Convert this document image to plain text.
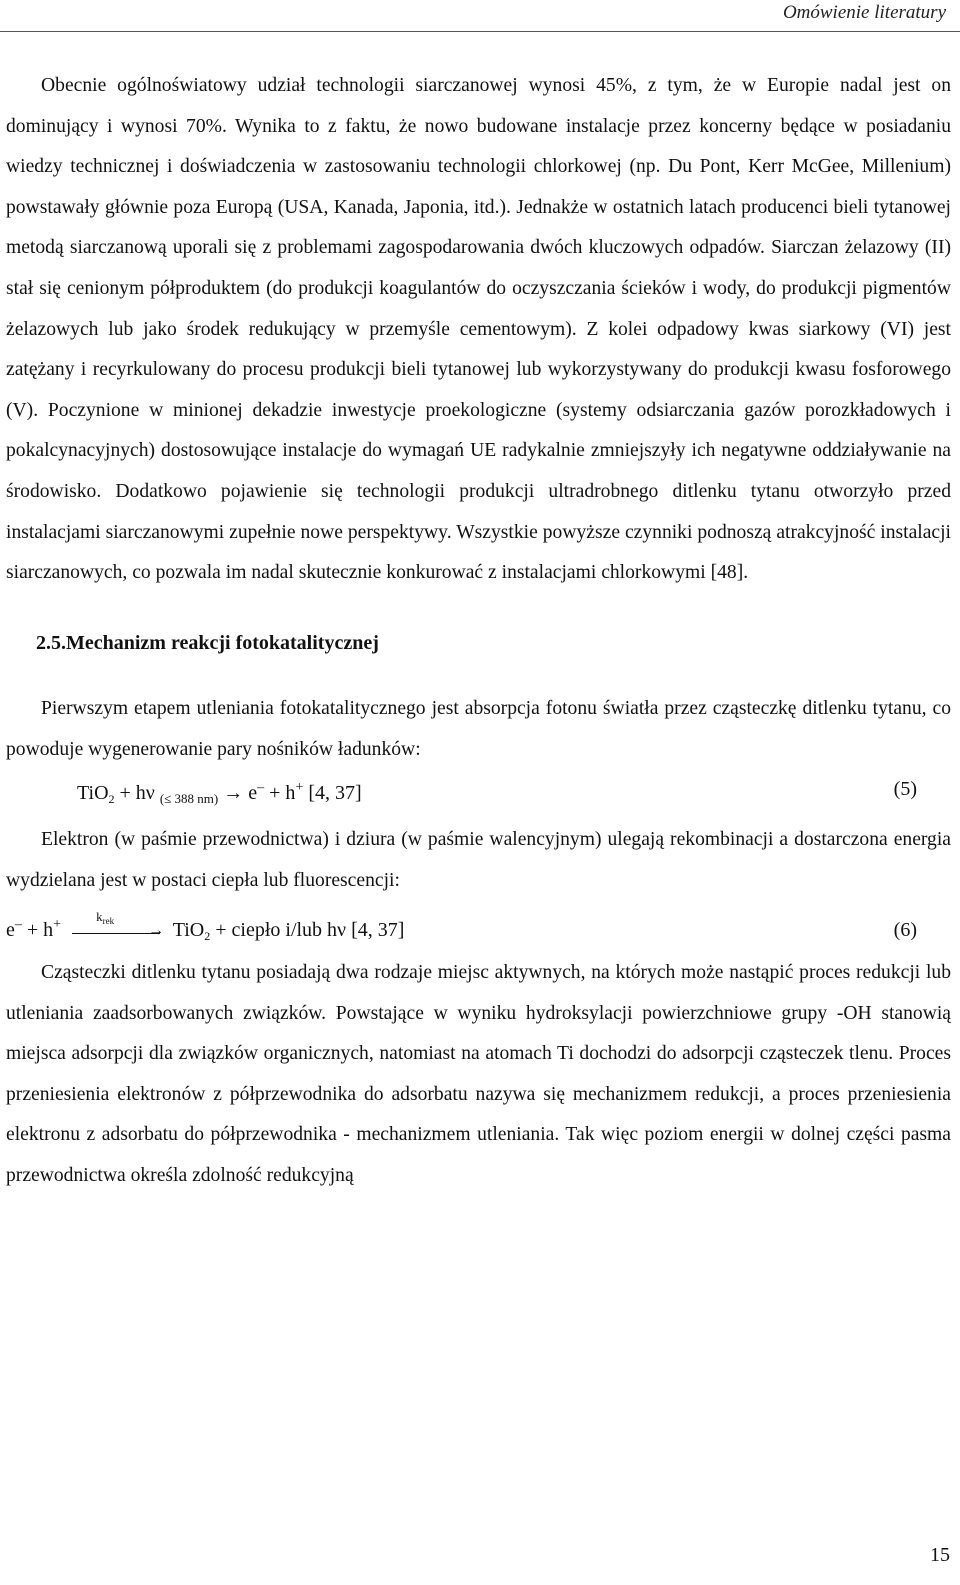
Omówienie literatury

Obecnie ogólnoświatowy udział technologii siarczanowej wynosi 45%, z tym, że w Europie nadal jest on dominujący i wynosi 70%. Wynika to z faktu, że nowo budowane instalacje przez koncerny będące w posiadaniu wiedzy technicznej i doświadczenia w zastosowaniu technologii chlorkowej (np. Du Pont, Kerr McGee, Millenium) powstawały głównie poza Europą (USA, Kanada, Japonia, itd.). Jednakże w ostatnich latach producenci bieli tytanowej metodą siarczanową uporali się z problemami zagospodarowania dwóch kluczowych odpadów. Siarczan żelazowy (II) stał się cenionym półproduktem (do produkcji koagulantów do oczyszczania ścieków i wody, do produkcji pigmentów żelazowych lub jako środek redukujący w przemyśle cementowym). Z kolei odpadowy kwas siarkowy (VI) jest zatężany i recyrkulowany do procesu produkcji bieli tytanowej lub wykorzystywany do produkcji kwasu fosforowego (V). Poczynione w minionej dekadzie inwestycje proekologiczne (systemy odsiarczania gazów porozkładowych i pokalcynacyjnych) dostosowujące instalacje do wymagań UE radykalnie zmniejszyły ich negatywne oddziaływanie na środowisko. Dodatkowo pojawienie się technologii produkcji ultradrobnego ditlenku tytanu otworzyło przed instalacjami siarczanowymi zupełnie nowe perspektywy. Wszystkie powyższe czynniki podnoszą atrakcyjność instalacji siarczanowych, co pozwala im nadal skutecznie konkurować z instalacjami chlorkowymi [48].

2.5.Mechanizm reakcji fotokatalitycznej

Pierwszym etapem utleniania fotokatalitycznego jest absorpcja fotonu światła przez cząsteczkę ditlenku tytanu, co powoduje wygenerowanie pary nośników ładunków:

TiO$_2$ + hν $_{(\le 388 nm)}$ → e– + h+ [4, 37]	(5)

Elektron (w paśmie przewodnictwa) i dziura (w paśmie walencyjnym) ulegają rekombinacji a dostarczona energia wydzielana jest w postaci ciepła lub fluorescencji:

e– + h+
$k_{rek}$
→ TiO$_2$ + ciepło i/lub hν [4, 37]	(6)

Cząsteczki ditlenku tytanu posiadają dwa rodzaje miejsc aktywnych, na których może nastąpić proces redukcji lub utleniania zaadsorbowanych związków. Powstające w wyniku hydroksylacji powierzchniowe grupy -OH stanowią miejsca adsorpcji dla związków organicznych, natomiast na atomach Ti dochodzi do adsorpcji cząsteczek tlenu. Proces przeniesienia elektronów z półprzewodnika do adsorbatu nazywa się mechanizmem redukcji, a proces przeniesienia elektronu z adsorbatu do półprzewodnika - mechanizmem utleniania. Tak więc poziom energii w dolnej części pasma przewodnictwa określa zdolność redukcyjną

15
